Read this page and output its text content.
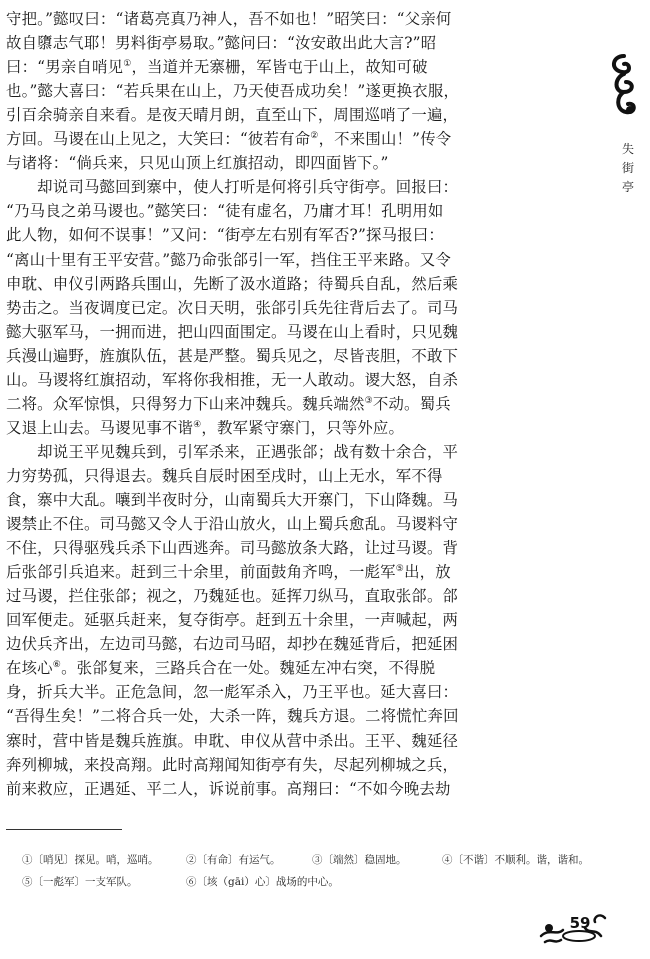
失
街
亭
守把。”懿叹曰：“诸葛亮真乃神人，吾不如也！”昭笑曰：“父亲何
故自隳志气耶！男料街亭易取。”懿问曰：“汝安敢出此大言?”昭
曰：“男亲自哨见①，当道并无寨栅，军皆屯于山上，故知可破
也。”懿大喜曰：“若兵果在山上，乃天使吾成功矣！”遂更换衣服，
引百余骑亲自来看。是夜天晴月朗，直至山下，周围巡哨了一遍，
方回。马谡在山上见之，大笑曰：“彼若有命②，不来围山！”传令
与诸将：“倘兵来，只见山顶上红旗招动，即四面皆下。”
　　却说司马懿回到寨中，使人打听是何将引兵守街亭。回报曰：
“乃马良之弟马谡也。”懿笑曰：“徒有虚名，乃庸才耳！孔明用如
此人物，如何不误事！”又问：“街亭左右别有军否?”探马报曰：
“离山十里有王平安营。”懿乃命张郃引一军，挡住王平来路。又令
申耽、申仪引两路兵围山，先断了汲水道路；待蜀兵自乱，然后乘
势击之。当夜调度已定。次日天明，张郃引兵先往背后去了。司马
懿大驱军马，一拥而进，把山四面围定。马谡在山上看时，只见魏
兵漫山遍野，旌旗队伍，甚是严整。蜀兵见之，尽皆丧胆，不敢下
山。马谡将红旗招动，军将你我相推，无一人敢动。谡大怒，自杀
二将。众军惊惧，只得努力下山来冲魏兵。魏兵端然③不动。蜀兵
又退上山去。马谡见事不谐④，教军紧守寨门，只等外应。
　　却说王平见魏兵到，引军杀来，正遇张郃；战有数十余合，平
力穷势孤，只得退去。魏兵自辰时困至戌时，山上无水，军不得
食，寨中大乱。嚷到半夜时分，山南蜀兵大开寨门，下山降魏。马
谡禁止不住。司马懿又令人于沿山放火，山上蜀兵愈乱。马谡料守
不住，只得驱残兵杀下山西逃奔。司马懿放条大路，让过马谡。背
后张郃引兵追来。赶到三十余里，前面鼓角齐鸣，一彪军⑤出，放
过马谡，拦住张郃；视之，乃魏延也。延挥刀纵马，直取张郃。郃
回军便走。延驱兵赶来，复夺街亭。赶到五十余里，一声喊起，两
边伏兵齐出，左边司马懿，右边司马昭，却抄在魏延背后，把延困
在垓心⑥。张郃复来，三路兵合在一处。魏延左冲右突，不得脱
身，折兵大半。正危急间，忽一彪军杀入，乃王平也。延大喜曰：
“吾得生矣！”二将合兵一处，大杀一阵，魏兵方退。二将慌忙奔回
寨时，营中皆是魏兵旌旗。申耽、申仪从营中杀出。王平、魏延径
奔列柳城，来投高翔。此时高翔闻知街亭有失，尽起列柳城之兵，
前来救应，正遇延、平二人，诉说前事。高翔曰：“不如今晚去劫
①〔哨见〕探见。哨，巡哨。	②〔有命〕有运气。	③〔端然〕稳固地。	④〔不谐〕不顺利。谐，谐和。
⑤〔一彪军〕一支军队。	⑥〔垓（gāi）心〕战场的中心。
59
